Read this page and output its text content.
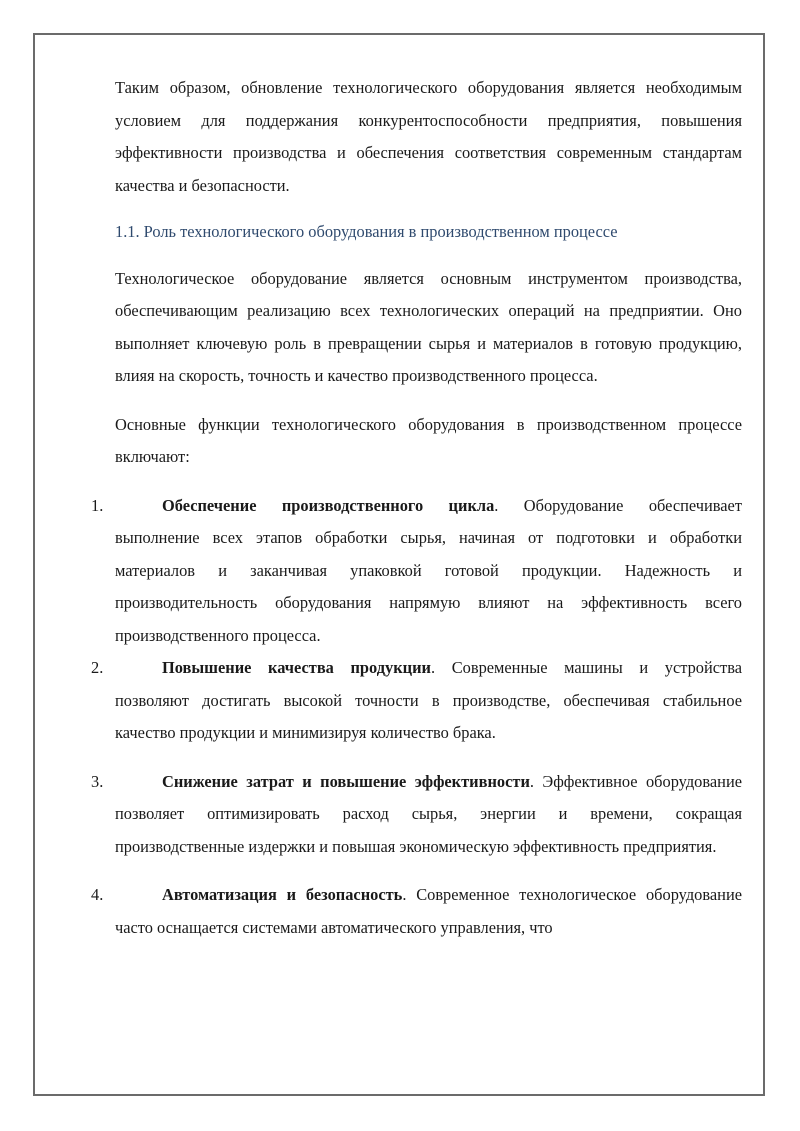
Таким образом, обновление технологического оборудования является необходимым условием для поддержания конкурентоспособности предприятия, повышения эффективности производства и обеспечения соответствия современным стандартам качества и безопасности.

1.1. Роль технологического оборудования в производственном процессе

Технологическое оборудование является основным инструментом производства, обеспечивающим реализацию всех технологических операций на предприятии. Оно выполняет ключевую роль в превращении сырья и материалов в готовую продукцию, влияя на скорость, точность и качество производственного процесса.

Основные функции технологического оборудования в производственном процессе включают:

1.	Обеспечение производственного цикла. Оборудование обеспечивает выполнение всех этапов обработки сырья, начиная от подготовки и обработки материалов и заканчивая упаковкой готовой продукции. Надежность и производительность оборудования напрямую влияют на эффективность всего производственного процесса.
2.	Повышение качества продукции. Современные машины и устройства позволяют достигать высокой точности в производстве, обеспечивая стабильное качество продукции и минимизируя количество брака.
3.	Снижение затрат и повышение эффективности. Эффективное оборудование позволяет оптимизировать расход сырья, энергии и времени, сокращая производственные издержки и повышая экономическую эффективность предприятия.
4.	Автоматизация и безопасность. Современное технологическое оборудование часто оснащается системами автоматического управления, что
